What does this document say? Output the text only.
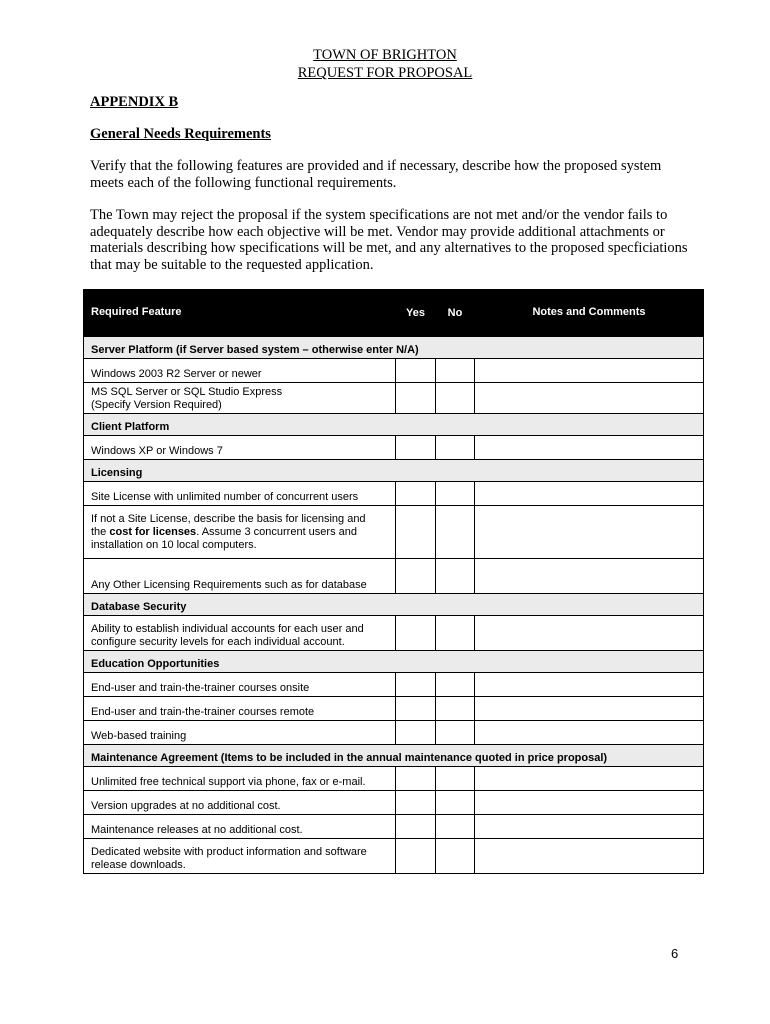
TOWN OF BRIGHTON
REQUEST FOR PROPOSAL
APPENDIX B
General Needs Requirements

Verify that the following features are provided and if necessary, describe how the proposed system meets each of the following functional requirements.

The Town may reject the proposal if the system specifications are not met and/or the vendor fails to adequately describe how each objective will be met. Vendor may provide additional attachments or materials describing how specifications will be met, and any alternatives to the proposed specficiations that may be suitable to the requested application.

Required Feature	Yes	No	Notes and Comments
Server Platform (if Server based system – otherwise enter N/A)			
Windows 2003 R2 Server or newer			

MS SQL Server or SQL Studio Express
(Specify Version Required)			

Client Platform			
Windows XP or Windows 7			
Licensing			
Site License with unlimited number of concurrent users			

If not a Site License, describe the basis for licensing and
the cost for licenses. Assume 3 concurrent users and
installation on 10 local computers.			

Any Other Licensing Requirements such as for database			
Database Security			

Ability to establish individual accounts for each user and
configure security levels for each individual account.			

Education Opportunities			
End-user and train-the-trainer courses onsite			
End-user and train-the-trainer courses remote			
Web-based training			
Maintenance Agreement (Items to be included in the annual maintenance quoted in price proposal)			
Unlimited free technical support via phone, fax or e-mail.			
Version upgrades at no additional cost.			
Maintenance releases at no additional cost.			

Dedicated website with product information and software
release downloads.			

6
